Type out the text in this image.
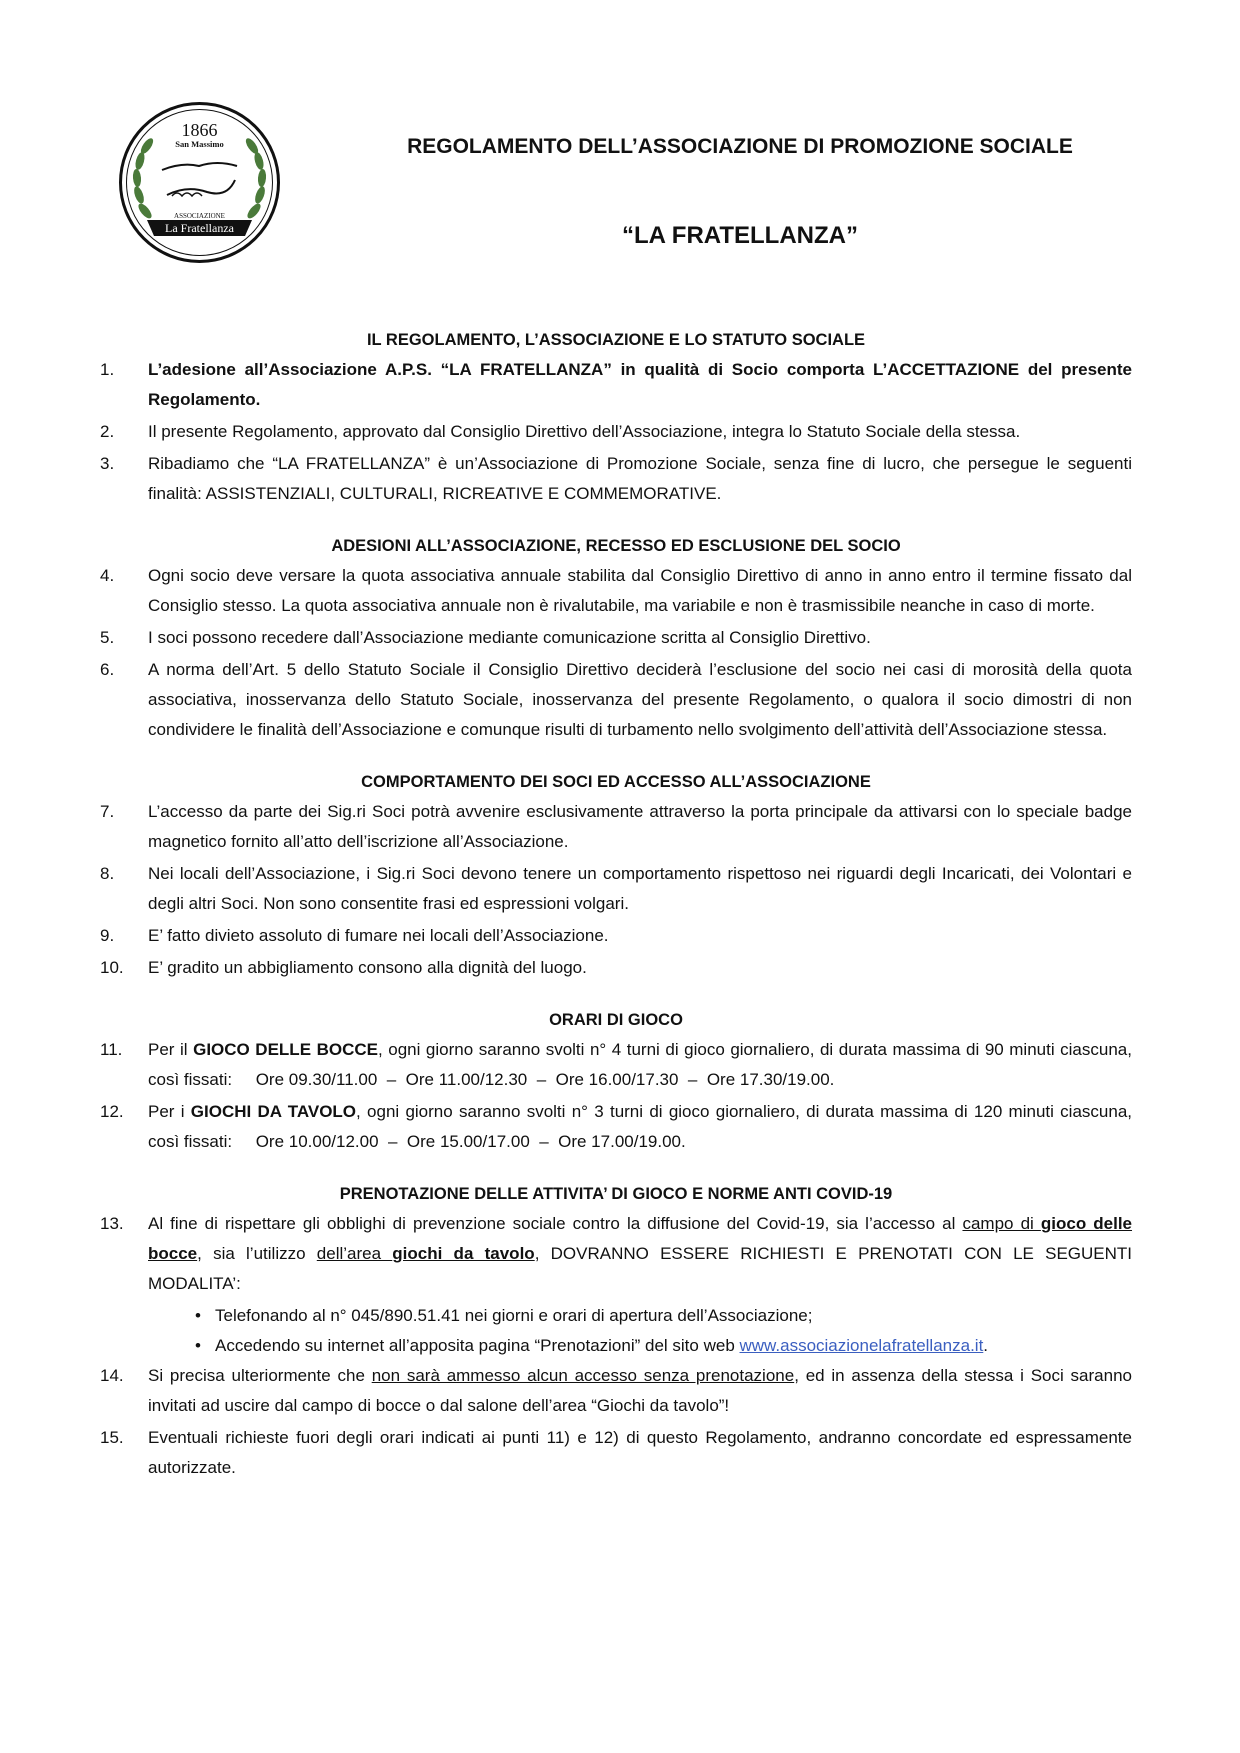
1866
San Massimo
ASSOCIAZIONE
La Fratellanza
REGOLAMENTO DELL’ASSOCIAZIONE DI PROMOZIONE SOCIALE
“LA FRATELLANZA”

IL REGOLAMENTO, L’ASSOCIAZIONE E LO STATUTO SOCIALE

1.	L’adesione all’Associazione A.P.S. “LA FRATELLANZA” in qualità di Socio comporta L’ACCETTAZIONE del presente Regolamento.
2.	Il presente Regolamento, approvato dal Consiglio Direttivo dell’Associazione, integra lo Statuto Sociale della stessa.
3.	Ribadiamo che “LA FRATELLANZA” è un’Associazione di Promozione Sociale, senza fine di lucro, che persegue le seguenti finalità: ASSISTENZIALI, CULTURALI, RICREATIVE E COMMEMORATIVE.

ADESIONI ALL’ASSOCIAZIONE, RECESSO ED ESCLUSIONE DEL SOCIO

4.	Ogni socio deve versare la quota associativa annuale stabilita dal Consiglio Direttivo di anno in anno entro il termine fissato dal Consiglio stesso. La quota associativa annuale non è rivalutabile, ma variabile e non è trasmissibile neanche in caso di morte.
5.	I soci possono recedere dall’Associazione mediante comunicazione scritta al Consiglio Direttivo.
6.	A norma dell’Art. 5 dello Statuto Sociale il Consiglio Direttivo deciderà l’esclusione del socio nei casi di morosità della quota associativa, inosservanza dello Statuto Sociale, inosservanza del presente Regolamento, o qualora il socio dimostri di non condividere le finalità dell’Associazione e comunque risulti di turbamento nello svolgimento dell’attività dell’Associazione stessa.

COMPORTAMENTO DEI SOCI ED ACCESSO ALL’ASSOCIAZIONE

7.	L’accesso da parte dei Sig.ri Soci potrà avvenire esclusivamente attraverso la porta principale da attivarsi con lo speciale badge magnetico fornito all’atto dell’iscrizione all’Associazione.
8.	Nei locali dell’Associazione, i Sig.ri Soci devono tenere un comportamento rispettoso nei riguardi degli Incaricati, dei Volontari e degli altri Soci. Non sono consentite frasi ed espressioni volgari.
9.	E’ fatto divieto assoluto di fumare nei locali dell’Associazione.
10.	E’ gradito un abbigliamento consono alla dignità del luogo.

ORARI DI GIOCO

11.	Per il GIOCO DELLE BOCCE, ogni giorno saranno svolti n° 4 turni di gioco giornaliero, di durata massima di 90 minuti ciascuna, così fissati:     Ore 09.30/11.00  –  Ore 11.00/12.30  –  Ore 16.00/17.30  –  Ore 17.30/19.00.
12.	Per i GIOCHI DA TAVOLO, ogni giorno saranno svolti n° 3 turni di gioco giornaliero, di durata massima di 120 minuti ciascuna, così fissati:     Ore 10.00/12.00  –  Ore 15.00/17.00  –  Ore 17.00/19.00.

PRENOTAZIONE DELLE ATTIVITA’ DI GIOCO E NORME ANTI COVID-19

13.	Al fine di rispettare gli obblighi di prevenzione sociale contro la diffusione del Covid-19, sia l’accesso al campo di gioco delle bocce, sia l’utilizzo dell’area giochi da tavolo, DOVRANNO ESSERE RICHIESTI E PRENOTATI CON LE SEGUENTI MODALITA’:
• Telefonando al n° 045/890.51.41 nei giorni e orari di apertura dell’Associazione;
• Accedendo su internet all’apposita pagina “Prenotazioni” del sito web www.associazionelafratellanza.it.
14.	Si precisa ulteriormente che non sarà ammesso alcun accesso senza prenotazione, ed in assenza della stessa i Soci saranno invitati ad uscire dal campo di bocce o dal salone dell’area “Giochi da tavolo”!
15.	Eventuali richieste fuori degli orari indicati ai punti 11) e 12) di questo Regolamento, andranno concordate ed espressamente autorizzate.
